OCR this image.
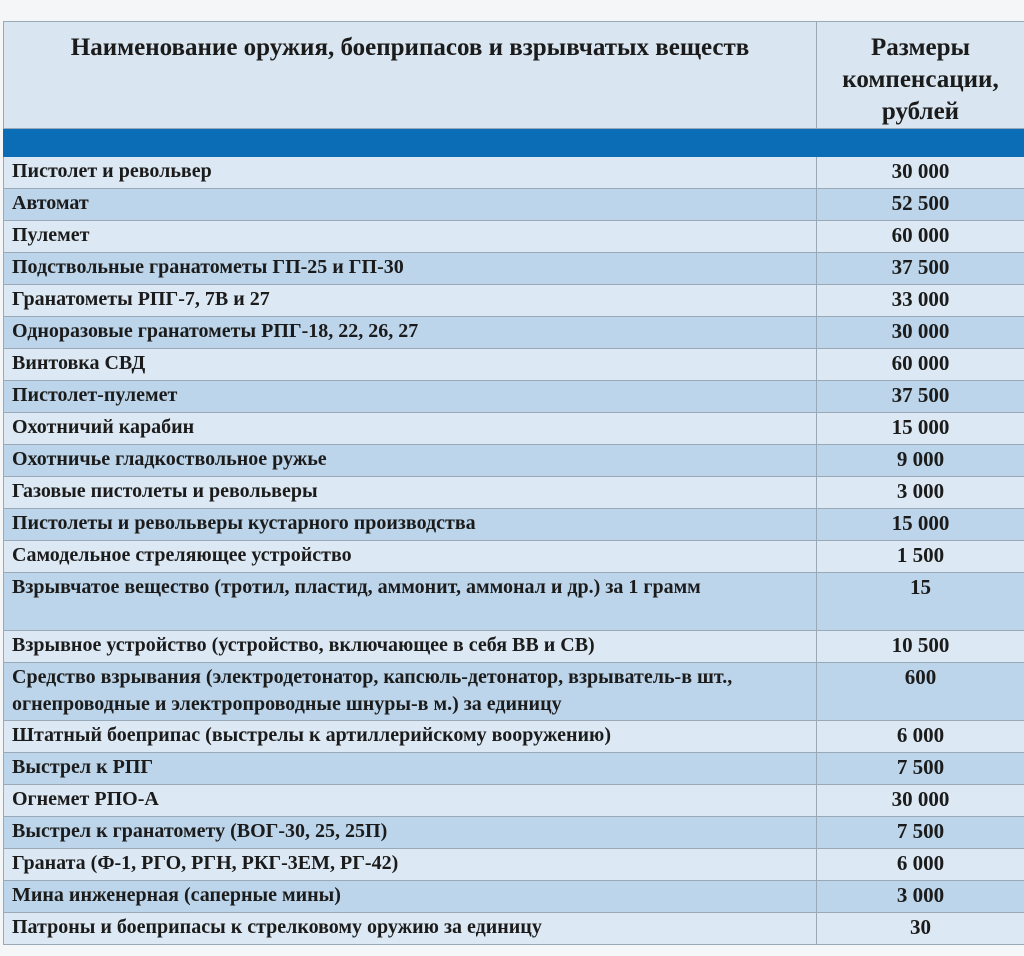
Наименование оружия, боеприпасов и взрывчатых веществ	Размеры компенсации, рублей

Пистолет и револьвер	30 000
Автомат	52 500
Пулемет	60 000
Подствольные гранатометы ГП-25 и ГП-30	37 500
Гранатометы РПГ-7, 7В и 27	33 000
Одноразовые гранатометы РПГ-18, 22, 26, 27	30 000
Винтовка СВД	60 000
Пистолет-пулемет	37 500
Охотничий карабин	15 000
Охотничье гладкоствольное ружье	9 000
Газовые пистолеты и револьверы	3 000
Пистолеты и револьверы кустарного производства	15 000
Самодельное стреляющее устройство	1 500
Взрывчатое вещество (тротил, пластид, аммонит, аммонал и др.) за 1 грамм	15
Взрывное устройство (устройство, включающее в себя ВВ и СВ)	10 500
Средство взрывания (электродетонатор, капсюль-детонатор, взрыватель-в шт., огнепроводные и электропроводные шнуры-в м.) за единицу	600
Штатный боеприпас (выстрелы к артиллерийскому вооружению)	6 000
Выстрел к РПГ	7 500
Огнемет РПО-А	30 000
Выстрел к гранатомету (ВОГ-30, 25, 25П)	7 500
Граната (Ф-1, РГО, РГН, РКГ-3ЕМ, РГ-42)	6 000
Мина инженерная (саперные мины)	3 000
Патроны и боеприпасы к стрелковому оружию за единицу	30
